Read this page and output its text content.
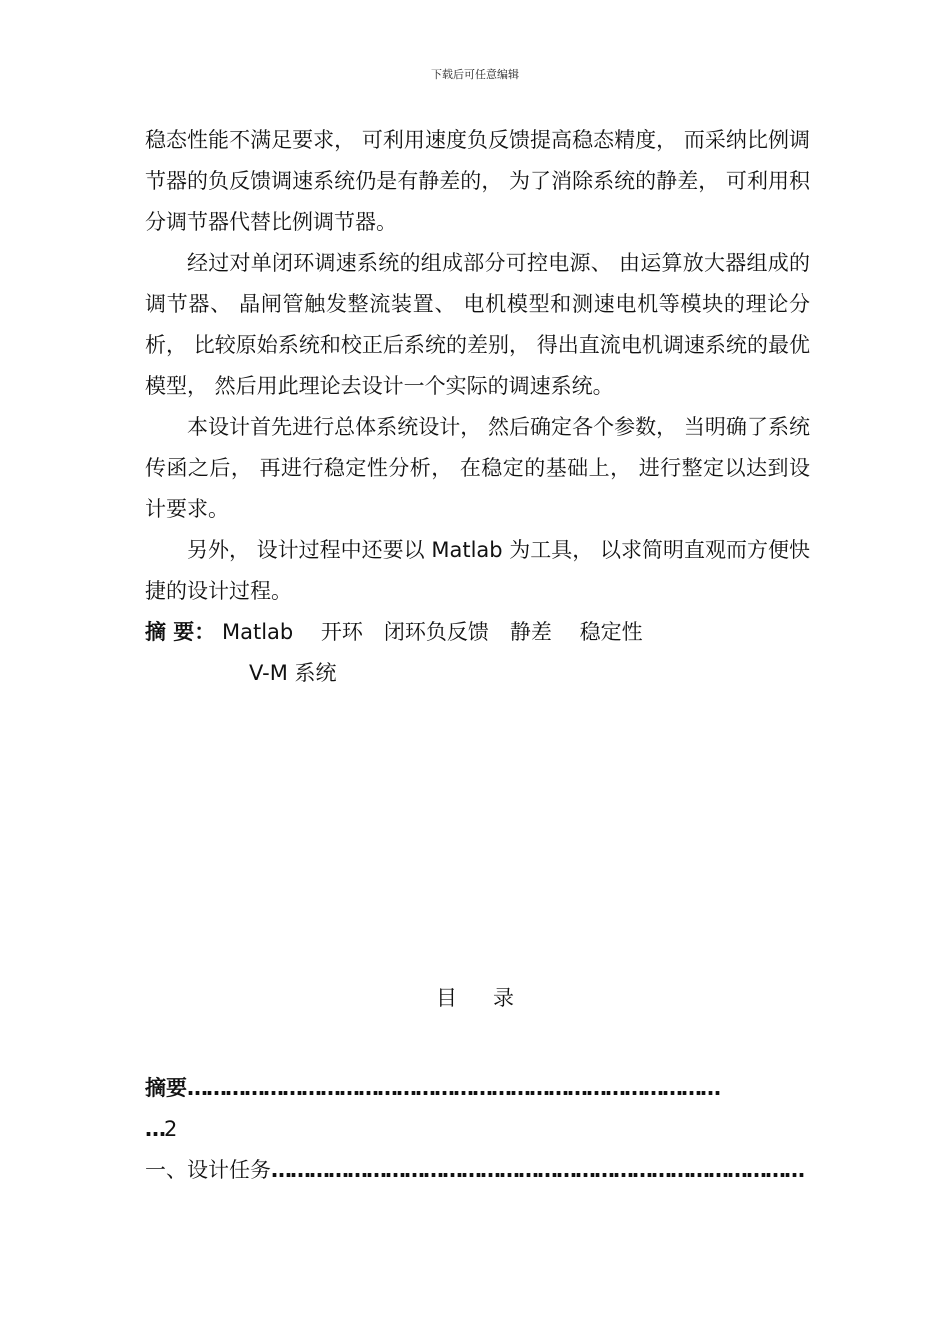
下载后可任意编辑

稳态性能不满足要求， 可利用速度负反馈提高稳态精度， 而采纳比例调节器的负反馈调速系统仍是有静差的， 为了消除系统的静差， 可利用积分调节器代替比例调节器。

经过对单闭环调速系统的组成部分可控电源、 由运算放大器组成的调节器、 晶闸管触发整流装置、 电机模型和测速电机等模块的理论分析， 比较原始系统和校正后系统的差别， 得出直流电机调速系统的最优模型， 然后用此理论去设计一个实际的调速系统。

本设计首先进行总体系统设计， 然后确定各个参数， 当明确了系统传函之后， 再进行稳定性分析， 在稳定的基础上， 进行整定以达到设计要求。

另外， 设计过程中还要以 Matlab 为工具， 以求简明直观而方便快捷的设计过程。

摘 要： Matlab　 开环　闭环负反馈　静差　 稳定性
V-M 系统
目录
摘要 …………………………………………………………………………
…2
一、设计任务 …………………………………………………………………………
